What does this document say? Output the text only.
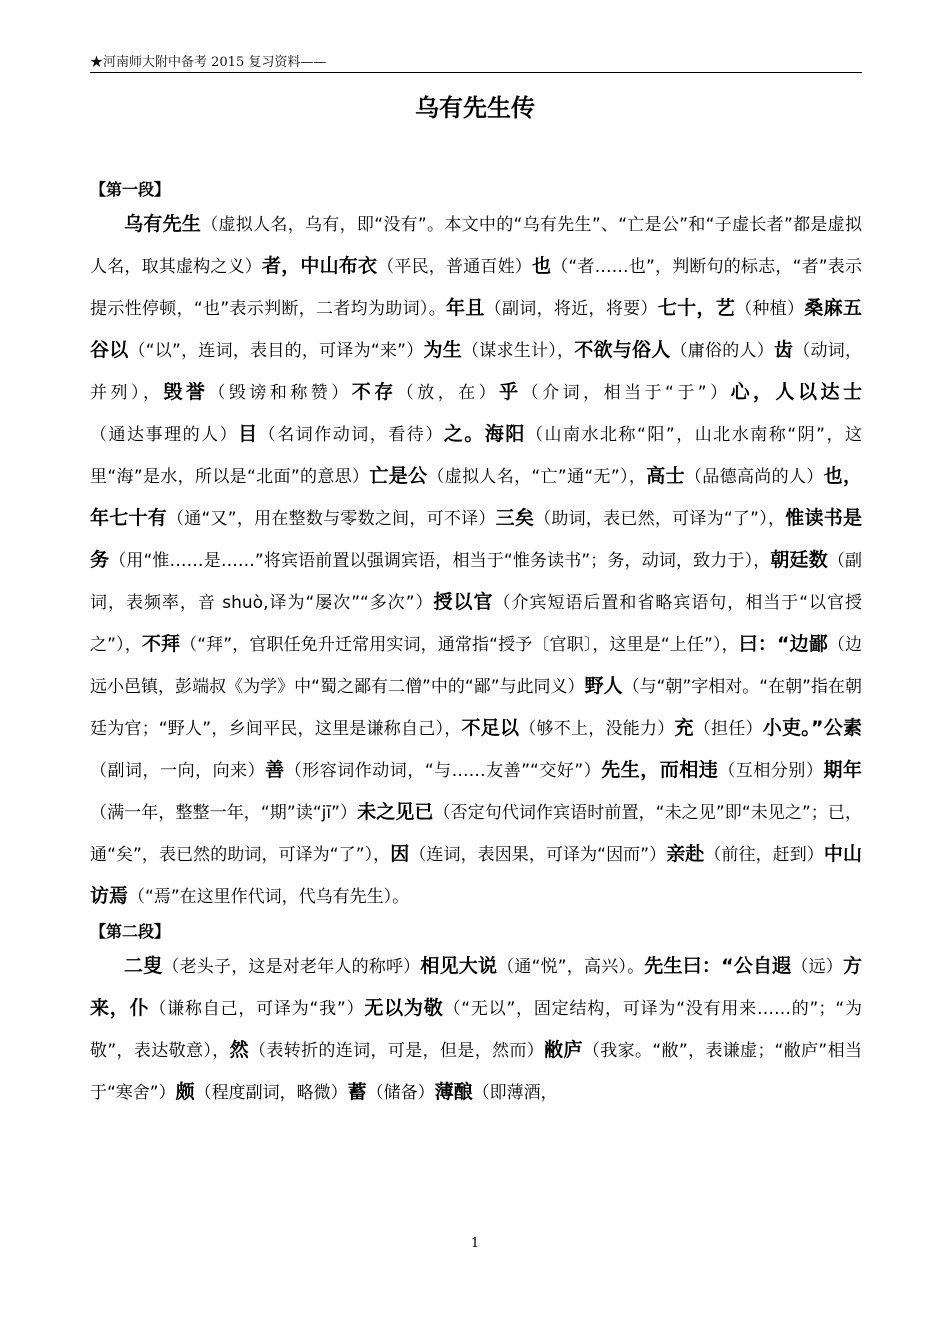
★河南师大附中备考 2015 复习资料——
乌有先生传

【第一段】

乌有先生（虚拟人名，乌有，即“没有”。本文中的“乌有先生”、“亡是公”和“子虚长者”都是虚拟人名，取其虚构之义）者，中山布衣（平民，普通百姓）也（“者……也”，判断句的标志，“者”表示提示性停顿，“也”表示判断，二者均为助词）。年且（副词，将近，将要）七十，艺（种植）桑麻五谷以（“以”，连词，表目的，可译为“来”）为生（谋求生计），不欲与俗人（庸俗的人）齿（动词，并列），毁誉（毁谤和称赞）不存（放，在）乎（介词，相当于“于”）心，人以达士（通达事理的人）目（名词作动词，看待）之。海阳（山南水北称“阳”，山北水南称“阴”，这里“海”是水，所以是“北面”的意思）亡是公（虚拟人名，“亡”通“无”），高士（品德高尚的人）也，年七十有（通“又”，用在整数与零数之间，可不译）三矣（助词，表已然，可译为“了”），惟读书是务（用“惟……是……”将宾语前置以强调宾语，相当于“惟务读书”；务，动词，致力于），朝廷数（副词，表频率，音 shuò,译为“屡次”“多次”）授以官（介宾短语后置和省略宾语句，相当于“以官授之”），不拜（“拜”，官职任免升迁常用实词，通常指“授予〔官职〕，这里是“上任”），曰：“边鄙（边远小邑镇，彭端叔《为学》中“蜀之鄙有二僧”中的“鄙”与此同义）野人（与“朝”字相对。“在朝”指在朝廷为官；“野人”，乡间平民，这里是谦称自己），不足以（够不上，没能力）充（担任）小吏。”公素（副词，一向，向来）善（形容词作动词，“与……友善”“交好”）先生，而相违（互相分别）期年（满一年，整整一年，“期”读“jī”）未之见已（否定句代词作宾语时前置，“未之见”即“未见之”；已，通“矣”，表已然的助词，可译为“了”），因（连词，表因果，可译为“因而”）亲赴（前往，赶到）中山访焉（“焉”在这里作代词，代乌有先生）。

【第二段】

二叟（老头子，这是对老年人的称呼）相见大说（通“悦”，高兴）。先生曰：“公自遐（远）方来，仆（谦称自己，可译为“我”）无以为敬（“无以”，固定结构，可译为“没有用来……的”；“为敬”，表达敬意），然（表转折的连词，可是，但是，然而）敝庐（我家。“敝”，表谦虚；“敝庐”相当于“寒舍”）颇（程度副词，略微）蓄（储备）薄酿（即薄酒，

1
